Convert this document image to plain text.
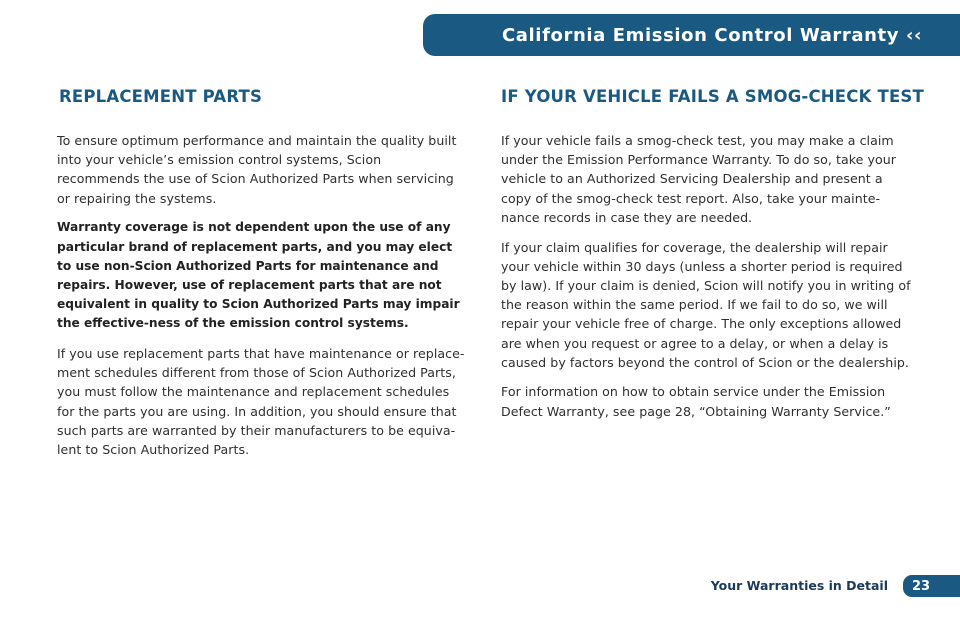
California Emission Control Warranty ‹‹
REPLACEMENT PARTS

To ensure optimum performance and maintain the quality built into your vehicle’s emission control systems, Scion recommends the use of Scion Authorized Parts when servicing or repairing the systems.

Warranty coverage is not dependent upon the use of any particular brand of replacement parts, and you may elect to use non-Scion Authorized Parts for maintenance and repairs. However, use of replacement parts that are not equivalent in quality to Scion Authorized Parts may impair the effective-ness of the emission control systems.

If you use replacement parts that have maintenance or replace-ment schedules different from those of Scion Authorized Parts, you must follow the maintenance and replacement schedules for the parts you are using. In addition, you should ensure that such parts are warranted by their manufacturers to be equiva-lent to Scion Authorized Parts.

IF YOUR VEHICLE FAILS A SMOG-CHECK TEST

If your vehicle fails a smog-check test, you may make a claim under the Emission Performance Warranty. To do so, take your vehicle to an Authorized Servicing Dealership and present a copy of the smog-check test report. Also, take your mainte-nance records in case they are needed.

If your claim qualifies for coverage, the dealership will repair your vehicle within 30 days (unless a shorter period is required by law). If your claim is denied, Scion will notify you in writing of the reason within the same period. If we fail to do so, we will repair your vehicle free of charge. The only exceptions allowed are when you request or agree to a delay, or when a delay is caused by factors beyond the control of Scion or the dealership.

For information on how to obtain service under the Emission Defect Warranty, see page 28, “Obtaining Warranty Service.”

Your Warranties in Detail 23
